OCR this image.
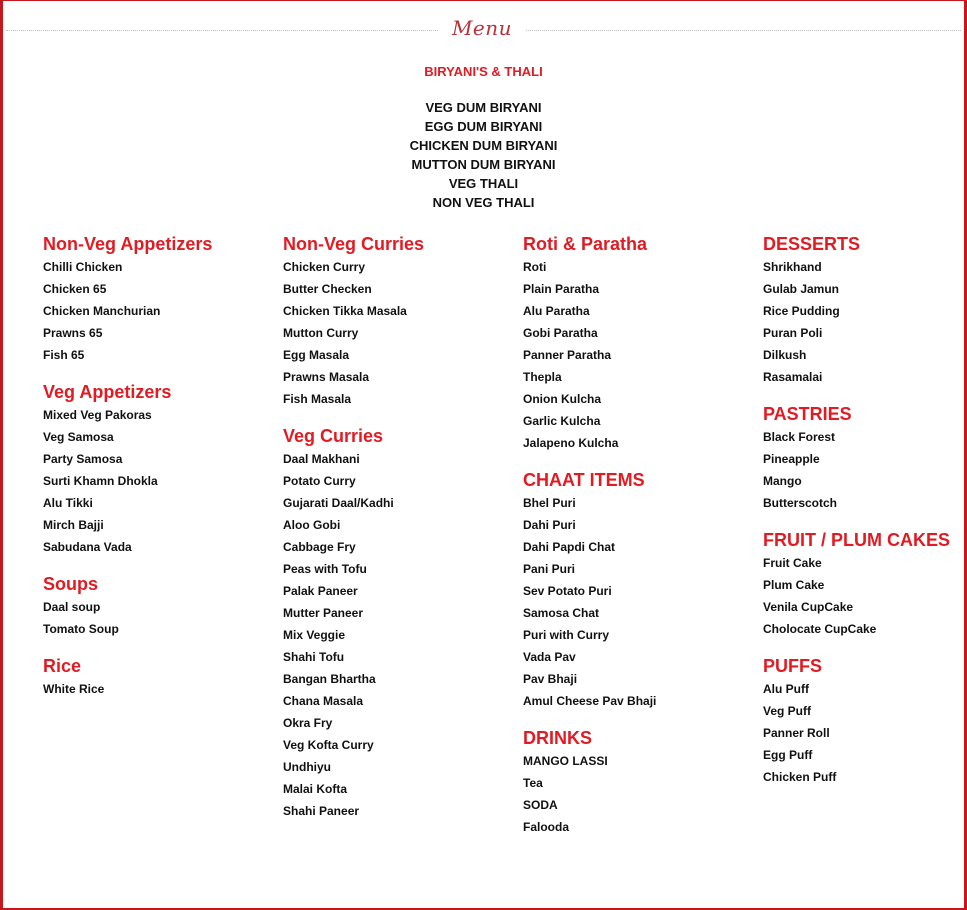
Menu
BIRYANI'S & THALI
VEG DUM BIRYANI
EGG DUM BIRYANI
CHICKEN DUM BIRYANI
MUTTON DUM BIRYANI
VEG THALI
NON VEG THALI
Non-Veg Appetizers
Chilli Chicken
Chicken 65
Chicken Manchurian
Prawns 65
Fish 65
Veg Appetizers
Mixed Veg Pakoras
Veg Samosa
Party Samosa
Surti Khamn Dhokla
Alu Tikki
Mirch Bajji
Sabudana Vada
Soups
Daal soup
Tomato Soup
Rice
White Rice
Non-Veg Curries
Chicken Curry
Butter Checken
Chicken Tikka Masala
Mutton Curry
Egg Masala
Prawns Masala
Fish Masala
Veg Curries
Daal Makhani
Potato Curry
Gujarati Daal/Kadhi
Aloo Gobi
Cabbage Fry
Peas with Tofu
Palak Paneer
Mutter Paneer
Mix Veggie
Shahi Tofu
Bangan Bhartha
Chana Masala
Okra Fry
Veg Kofta Curry
Undhiyu
Malai Kofta
Shahi Paneer
Roti & Paratha
Roti
Plain Paratha
Alu Paratha
Gobi Paratha
Panner Paratha
Thepla
Onion Kulcha
Garlic Kulcha
Jalapeno Kulcha
CHAAT ITEMS
Bhel Puri
Dahi Puri
Dahi Papdi Chat
Pani Puri
Sev Potato Puri
Samosa Chat
Puri with Curry
Vada Pav
Pav Bhaji
Amul Cheese Pav Bhaji
DRINKS
MANGO LASSI
Tea
SODA
Falooda
DESSERTS
Shrikhand
Gulab Jamun
Rice Pudding
Puran Poli
Dilkush
Rasamalai
PASTRIES
Black Forest
Pineapple
Mango
Butterscotch
FRUIT / PLUM CAKES
Fruit Cake
Plum Cake
Venila CupCake
Cholocate CupCake
PUFFS
Alu Puff
Veg Puff
Panner Roll
Egg Puff
Chicken Puff
